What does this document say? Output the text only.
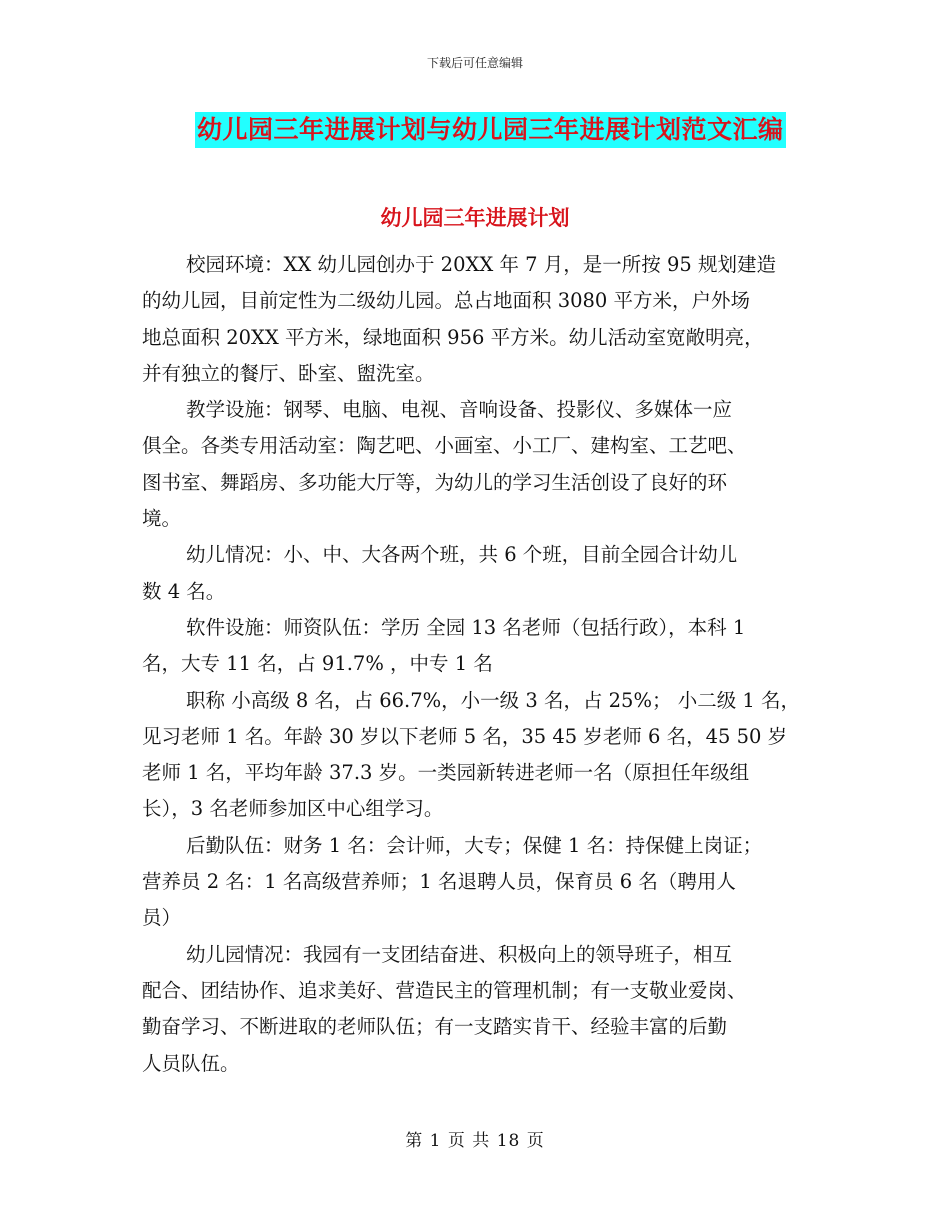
下载后可任意编辑
幼儿园三年进展计划与幼儿园三年进展计划范文汇编
幼儿园三年进展计划
校园环境：XX 幼儿园创办于 20XX 年 7 月，是一所按 95 规划建造
的幼儿园，目前定性为二级幼儿园。总占地面积 3080 平方米，户外场
地总面积 20XX 平方米，绿地面积 956 平方米。幼儿活动室宽敞明亮，
并有独立的餐厅、卧室、盥洗室。
教学设施：钢琴、电脑、电视、音响设备、投影仪、多媒体一应
俱全。各类专用活动室：陶艺吧、小画室、小工厂、建构室、工艺吧、
图书室、舞蹈房、多功能大厅等，为幼儿的学习生活创设了良好的环
境。
幼儿情况：小、中、大各两个班，共 6 个班，目前全园合计幼儿
数 4 名。
软件设施：师资队伍：学历 全园 13 名老师（包括行政），本科 1
名，大专 11 名，占 91.7% ，中专 1 名
职称 小高级 8 名，占 66.7%，小一级 3 名，占 25%； 小二级 1 名，
见习老师 1 名。年龄 30 岁以下老师 5 名，35 45 岁老师 6 名，45 50 岁
老师 1 名，平均年龄 37.3 岁。一类园新转进老师一名（原担任年级组
长），3 名老师参加区中心组学习。
后勤队伍：财务 1 名：会计师，大专；保健 1 名：持保健上岗证；
营养员 2 名：1 名高级营养师；1 名退聘人员，保育员 6 名（聘用人
员）
幼儿园情况：我园有一支团结奋进、积极向上的领导班子，相互
配合、团结协作、追求美好、营造民主的管理机制；有一支敬业爱岗、
勤奋学习、不断进取的老师队伍；有一支踏实肯干、经验丰富的后勤
人员队伍。
第 1 页 共 18 页
